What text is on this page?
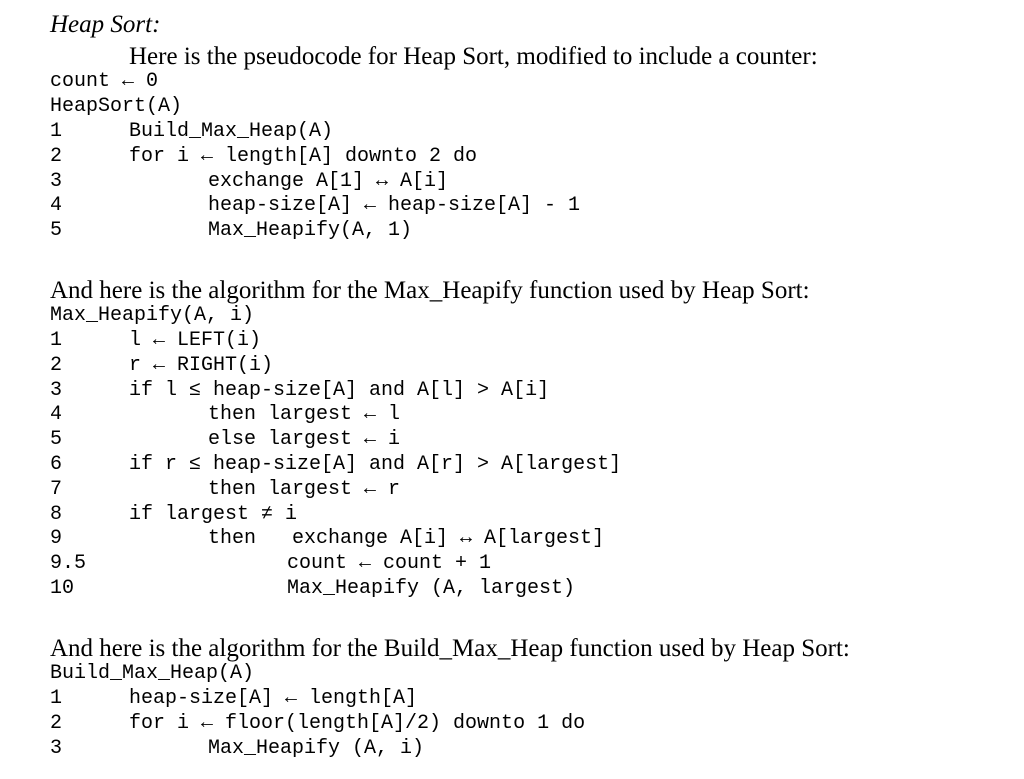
Heap Sort:
Here is the pseudocode for Heap Sort, modified to include a counter:
count ← 0
HeapSort(A)
1	Build_Max_Heap(A)
2	for i ← length[A] downto 2 do
3	exchange A[1] ↔ A[i]
4	heap-size[A] ← heap-size[A] - 1
5	Max_Heapify(A, 1)
And here is the algorithm for the Max_Heapify function used by Heap Sort:
Max_Heapify(A, i)
1	l ← LEFT(i)
2	r ← RIGHT(i)
3	if l ≤ heap-size[A] and A[l] > A[i]
4	then largest ← l
5	else largest ← i
6	if r ≤ heap-size[A] and A[r] > A[largest]
7	then largest ← r
8	if largest ≠ i
9	then   exchange A[i] ↔ A[largest]
9.5	count ← count + 1
10	Max_Heapify (A, largest)
And here is the algorithm for the Build_Max_Heap function used by Heap Sort:
Build_Max_Heap(A)
1	heap-size[A] ← length[A]
2	for i ← floor(length[A]/2) downto 1 do
3	Max_Heapify (A, i)
